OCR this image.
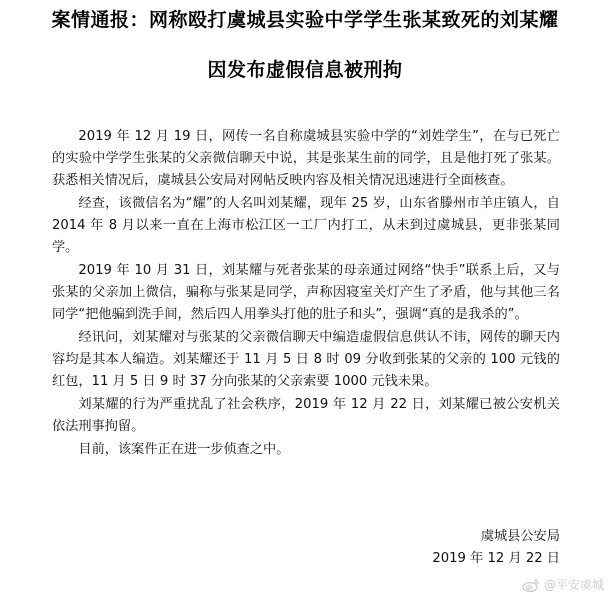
案情通报：网称殴打虞城县实验中学学生张某致死的刘某耀
因发布虚假信息被刑拘

2019 年 12 月 19 日，网传一名自称虞城县实验中学的“刘姓学生”，在与已死亡的实验中学学生张某的父亲微信聊天中说，其是张某生前的同学，且是他打死了张某。获悉相关情况后，虞城县公安局对网帖反映内容及相关情况迅速进行全面核查。

经查，该微信名为“耀”的人名叫刘某耀，现年 25 岁，山东省滕州市羊庄镇人，自 2014 年 8 月以来一直在上海市松江区一工厂内打工，从未到过虞城县，更非张某同学。

2019 年 10 月 31 日，刘某耀与死者张某的母亲通过网络“快手”联系上后，又与张某的父亲加上微信，骗称与张某是同学，声称因寝室关灯产生了矛盾，他与其他三名同学“把他骗到洗手间，然后四人用拳头打他的肚子和头”，强调“真的是我杀的”。

经讯问，刘某耀对与张某的父亲微信聊天中编造虚假信息供认不讳，网传的聊天内容均是其本人编造。刘某耀还于 11 月 5 日 8 时 09 分收到张某的父亲的 100 元钱的红包，11 月 5 日 9 时 37 分向张某的父亲索要 1000 元钱未果。

刘某耀的行为严重扰乱了社会秩序，2019 年 12 月 22 日，刘某耀已被公安机关依法刑事拘留。

目前，该案件正在进一步侦查之中。

虞城县公安局
2019 年 12 月 22 日
@平安虞城
